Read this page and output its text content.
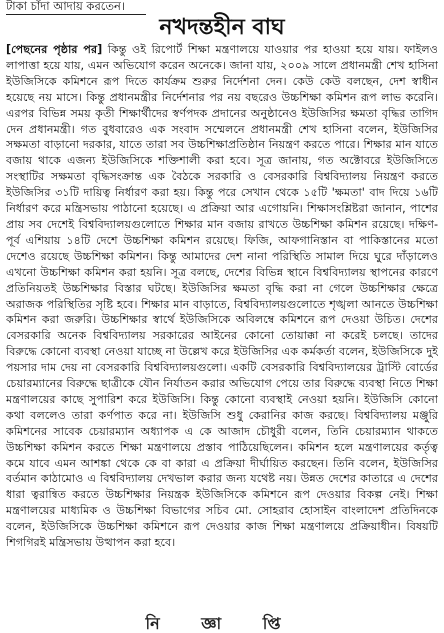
টাকা চাঁদা আদায় করতেন।
নখদন্তহীন বাঘ
[পেছনের পৃষ্ঠার পর] কিন্তু ওই রিপোর্ট শিক্ষা মন্ত্রণালয়ে যাওয়ার পর হাওয়া হয়ে যায়। ফাইলও লাপাত্তা হয়ে যায়, এমন অভিযোগ করেন অনেকে। জানা যায়, ২০০৯ সালে প্রধানমন্ত্রী শেখ হাসিনা ইউজিসিকে কমিশনে রূপ দিতে কার্যক্রম শুরুর নির্দেশনা দেন। কেউ কেউ বলছেন, দেশ স্বাধীন হয়েছে নয় মাসে। কিন্তু প্রধানমন্ত্রীর নির্দেশনার পর নয় বছরেও উচ্চশিক্ষা কমিশন রূপ লাভ করেনি। এরপর বিভিন্ন সময় কৃতী শিক্ষার্থীদের স্বর্ণপদক প্রদানের অনুষ্ঠানেও ইউজিসির ক্ষমতা বৃদ্ধির তাগিদ দেন প্রধানমন্ত্রী। গত বুধবারেও এক সংবাদ সম্মেলনে প্রধানমন্ত্রী শেখ হাসিনা বলেন, ইউজিসির সক্ষমতা বাড়ানো দরকার, যাতে তারা সব উচ্চশিক্ষাপ্রতিষ্ঠান নিয়ন্ত্রণ করতে পারে। শিক্ষার মান যাতে বজায় থাকে এজন্য ইউজিসিকে শক্তিশালী করা হবে। সূত্র জানায়, গত অক্টোবরে ইউজিসিতে সংস্থাটির সক্ষমতা বৃদ্ধিসংক্রান্ত এক বৈঠকে সরকারি ও বেসরকারি বিশ্ববিদ্যালয় নিয়ন্ত্রণ করতে ইউজিসির ৩১টি দায়িত্ব নির্ধারণ করা হয়। কিন্তু পরে সেখান থেকে ১৫টি 'ক্ষমতা' বাদ দিয়ে ১৬টি নির্ধারণ করে মন্ত্রিসভায় পাঠানো হয়েছে। এ প্রক্রিয়া আর এগোয়নি। শিক্ষাসংশ্লিষ্টরা জানান, পাশের প্রায় সব দেশেই বিশ্ববিদ্যালয়গুলোতে শিক্ষার মান বজায় রাখতে উচ্চশিক্ষা কমিশন রয়েছে। দক্ষিণ-পূর্ব এশিয়ায় ১৪টি দেশে উচ্চশিক্ষা কমিশন রয়েছে। ফিজি, আফগানিস্তান বা পাকিস্তানের মতো দেশেও রয়েছে উচ্চশিক্ষা কমিশন। কিন্তু আমাদের দেশ নানা পরিস্থিতি সামাল দিয়ে ঘুরে দাঁড়ালেও এখনো উচ্চশিক্ষা কমিশন করা হয়নি। সূত্র বলছে, দেশের বিভিন্ন স্থানে বিশ্ববিদ্যালয় স্থাপনের কারণে প্রতিনিয়তই উচ্চশিক্ষার বিস্তার ঘটছে। ইউজিসির ক্ষমতা বৃদ্ধি করা না গেলে উচ্চশিক্ষার ক্ষেত্রে অরাজক পরিস্থিতির সৃষ্টি হবে। শিক্ষার মান বাড়াতে, বিশ্ববিদ্যালয়গুলোতে শৃঙ্খলা আনতে উচ্চশিক্ষা কমিশন করা জরুরি। উচ্চশিক্ষার স্বার্থে ইউজিসিকে অবিলম্বে কমিশনে রূপ দেওয়া উচিত। দেশের বেসরকারি অনেক বিশ্ববিদ্যালয় সরকারের আইনের কোনো তোয়াক্কা না করেই চলছে। তাদের বিরুদ্ধে কোনো ব্যবস্থা নেওয়া যাচ্ছে না উল্লেখ করে ইউজিসির এক কর্মকর্তা বলেন, ইউজিসিকে দুই পয়সার দাম দেয় না বেসরকারি বিশ্ববিদ্যালয়গুলো। একটি বেসরকারি বিশ্ববিদ্যালয়ের ট্রাস্টি বোর্ডের চেয়ারম্যানের বিরুদ্ধে ছাত্রীকে যৌন নির্যাতন করার অভিযোগ পেয়ে তার বিরুদ্ধে ব্যবস্থা নিতে শিক্ষা মন্ত্রণালয়ের কাছে সুপারিশ করে ইউজিসি। কিন্তু কোনো ব্যবস্থাই নেওয়া হয়নি। ইউজিসি কোনো কথা বললেও তারা কর্ণপাত করে না। ইউজিসি শুধু কেরানির কাজ করছে। বিশ্ববিদ্যালয় মঞ্জুরি কমিশনের সাবেক চেয়ারম্যান অধ্যাপক এ কে আজাদ চৌধুরী বলেন, তিনি চেয়ারম্যান থাকতে উচ্চশিক্ষা কমিশন করতে শিক্ষা মন্ত্রণালয়ে প্রস্তাব পাঠিয়েছিলেন। কমিশন হলে মন্ত্রণালয়ের কর্তৃত্ব কমে যাবে এমন আশঙ্কা থেকে কে বা কারা এ প্রক্রিয়া দীর্ঘায়িত করছেন। তিনি বলেন, ইউজিসির বর্তমান কাঠামোও এ বিশ্ববিদ্যালয় দেখভাল করার জন্য যথেষ্ট নয়। উন্নত দেশের কাতারে এ দেশের ধারা ত্বরান্বিত করতে উচ্চশিক্ষার নিয়ন্ত্রক ইউজিসিকে কমিশনে রূপ দেওয়ার বিকল্প নেই। শিক্ষা মন্ত্রণালয়ের মাধ্যমিক ও উচ্চশিক্ষা বিভাগের সচিব মো. সোহরাব হোসাইন বাংলাদেশ প্রতিদিনকে বলেন, ইউজিসিকে উচ্চশিক্ষা কমিশনে রূপ দেওয়ার কাজ শিক্ষা মন্ত্রণালয়ে প্রক্রিয়াধীন। বিষয়টি শিগগিরই মন্ত্রিসভায় উত্থাপন করা হবে।
নি জ্ঞা প্তি
